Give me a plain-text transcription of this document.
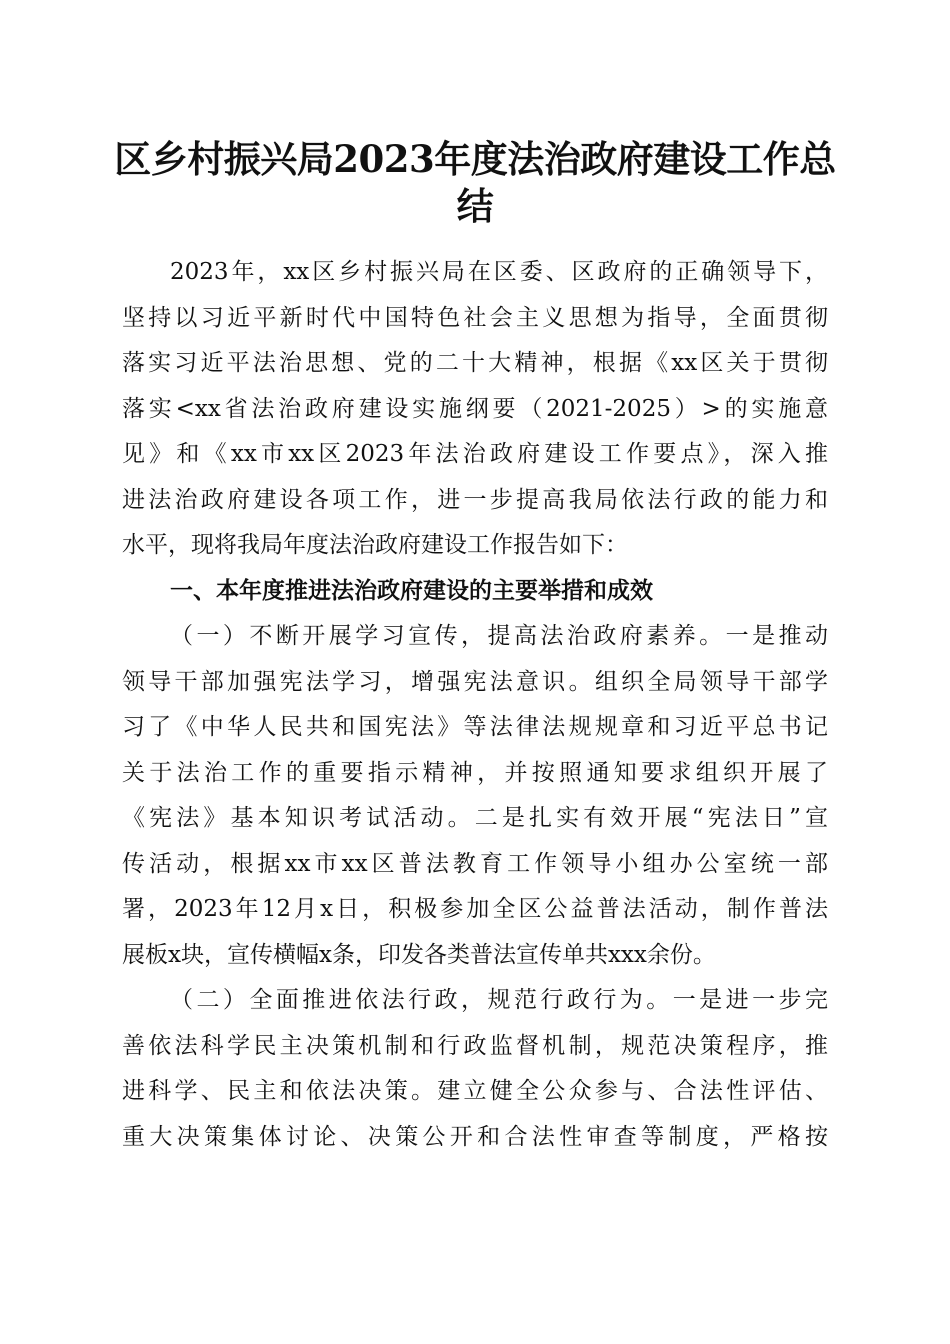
区乡村振兴局2023年度法治政府建设工作总
结
2023年，xx区乡村振兴局在区委、区政府的正确领导下，
坚持以习近平新时代中国特色社会主义思想为指导，全面贯彻
落实习近平法治思想、党的二十大精神，根据《xx区关于贯彻
落实<xx省法治政府建设实施纲要（2021-2025）>的实施意
见》和《xx市xx区2023年法治政府建设工作要点》，深入推
进法治政府建设各项工作，进一步提高我局依法行政的能力和
水平，现将我局年度法治政府建设工作报告如下：
一、本年度推进法治政府建设的主要举措和成效
（一）不断开展学习宣传，提高法治政府素养。一是推动
领导干部加强宪法学习，增强宪法意识。组织全局领导干部学
习了《中华人民共和国宪法》等法律法规规章和习近平总书记
关于法治工作的重要指示精神，并按照通知要求组织开展了
《宪法》基本知识考试活动。二是扎实有效开展“宪法日”宣
传活动，根据xx市xx区普法教育工作领导小组办公室统一部
署，2023年12月x日，积极参加全区公益普法活动，制作普法
展板x块，宣传横幅x条，印发各类普法宣传单共xxx余份。
（二）全面推进依法行政，规范行政行为。一是进一步完
善依法科学民主决策机制和行政监督机制，规范决策程序，推
进科学、民主和依法决策。建立健全公众参与、合法性评估、
重大决策集体讨论、决策公开和合法性审查等制度，严格按
